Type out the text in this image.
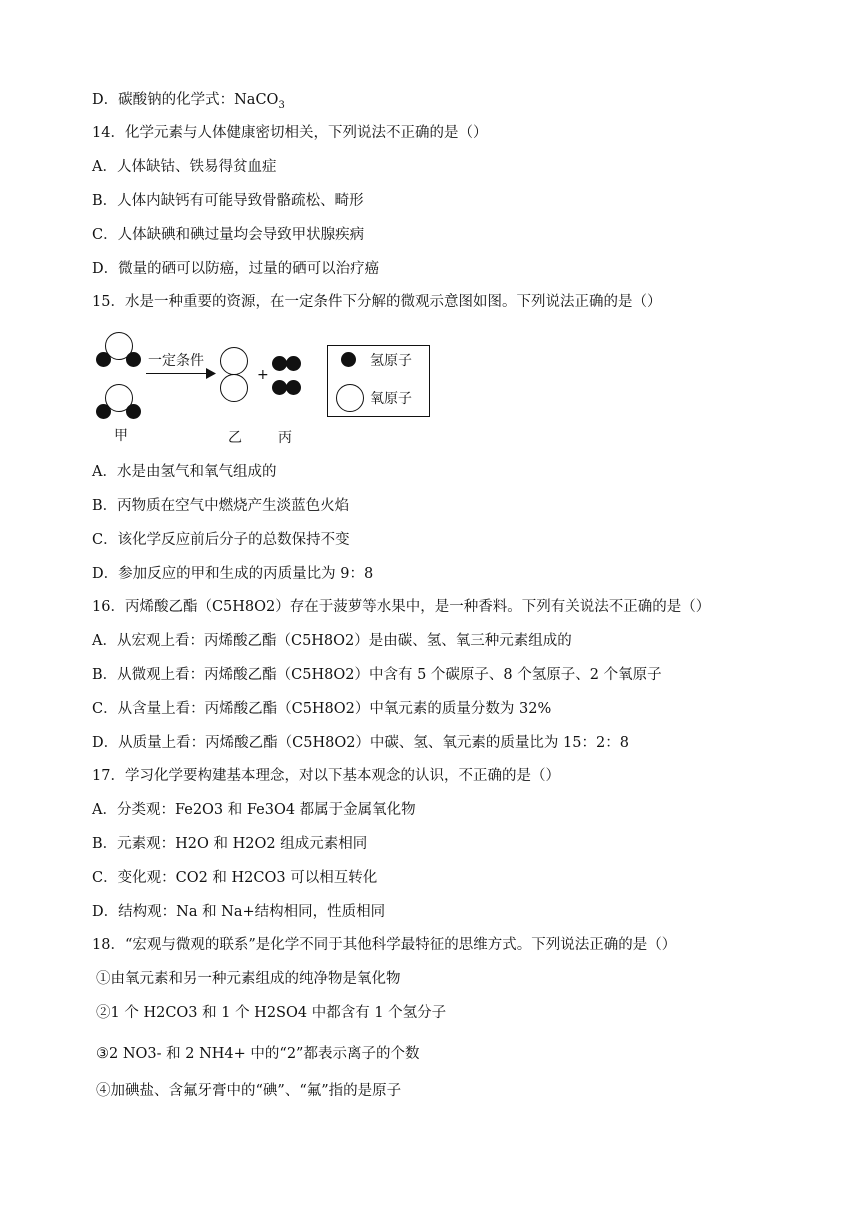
D．碳酸钠的化学式：NaCO$_3$
14．化学元素与人体健康密切相关，下列说法不正确的是（）
A．人体缺钴、铁易得贫血症
B．人体内缺钙有可能导致骨骼疏松、畸形
C．人体缺碘和碘过量均会导致甲状腺疾病
D．微量的硒可以防癌，过量的硒可以治疗癌
15．水是一种重要的资源，在一定条件下分解的微观示意图如图。下列说法正确的是（）
一定条件
+
甲	乙	丙
氢原子
氧原子
A．水是由氢气和氧气组成的
B．丙物质在空气中燃烧产生淡蓝色火焰
C．该化学反应前后分子的总数保持不变
D．参加反应的甲和生成的丙质量比为 9：8
16．丙烯酸乙酯（C5H8O2）存在于菠萝等水果中，是一种香料。下列有关说法不正确的是（）
A．从宏观上看：丙烯酸乙酯（C5H8O2）是由碳、氢、氧三种元素组成的
B．从微观上看：丙烯酸乙酯（C5H8O2）中含有 5 个碳原子、8 个氢原子、2 个氧原子
C．从含量上看：丙烯酸乙酯（C5H8O2）中氧元素的质量分数为 32%
D．从质量上看：丙烯酸乙酯（C5H8O2）中碳、氢、氧元素的质量比为 15：2：8
17．学习化学要构建基本理念，对以下基本观念的认识，不正确的是（）
A．分类观：Fe2O3 和 Fe3O4 都属于金属氧化物
B．元素观：H2O 和 H2O2 组成元素相同
C．变化观：CO2 和 H2CO3 可以相互转化
D．结构观：Na 和 Na+结构相同，性质相同
18．“宏观与微观的联系”是化学不同于其他科学最特征的思维方式。下列说法正确的是（）
①由氧元素和另一种元素组成的纯净物是氧化物
②1 个 H2CO3 和 1 个 H2SO4 中都含有 1 个氢分子
③2 NO3- 和 2 NH4+ 中的“2”都表示离子的个数
④加碘盐、含氟牙膏中的“碘”、“氟”指的是原子
